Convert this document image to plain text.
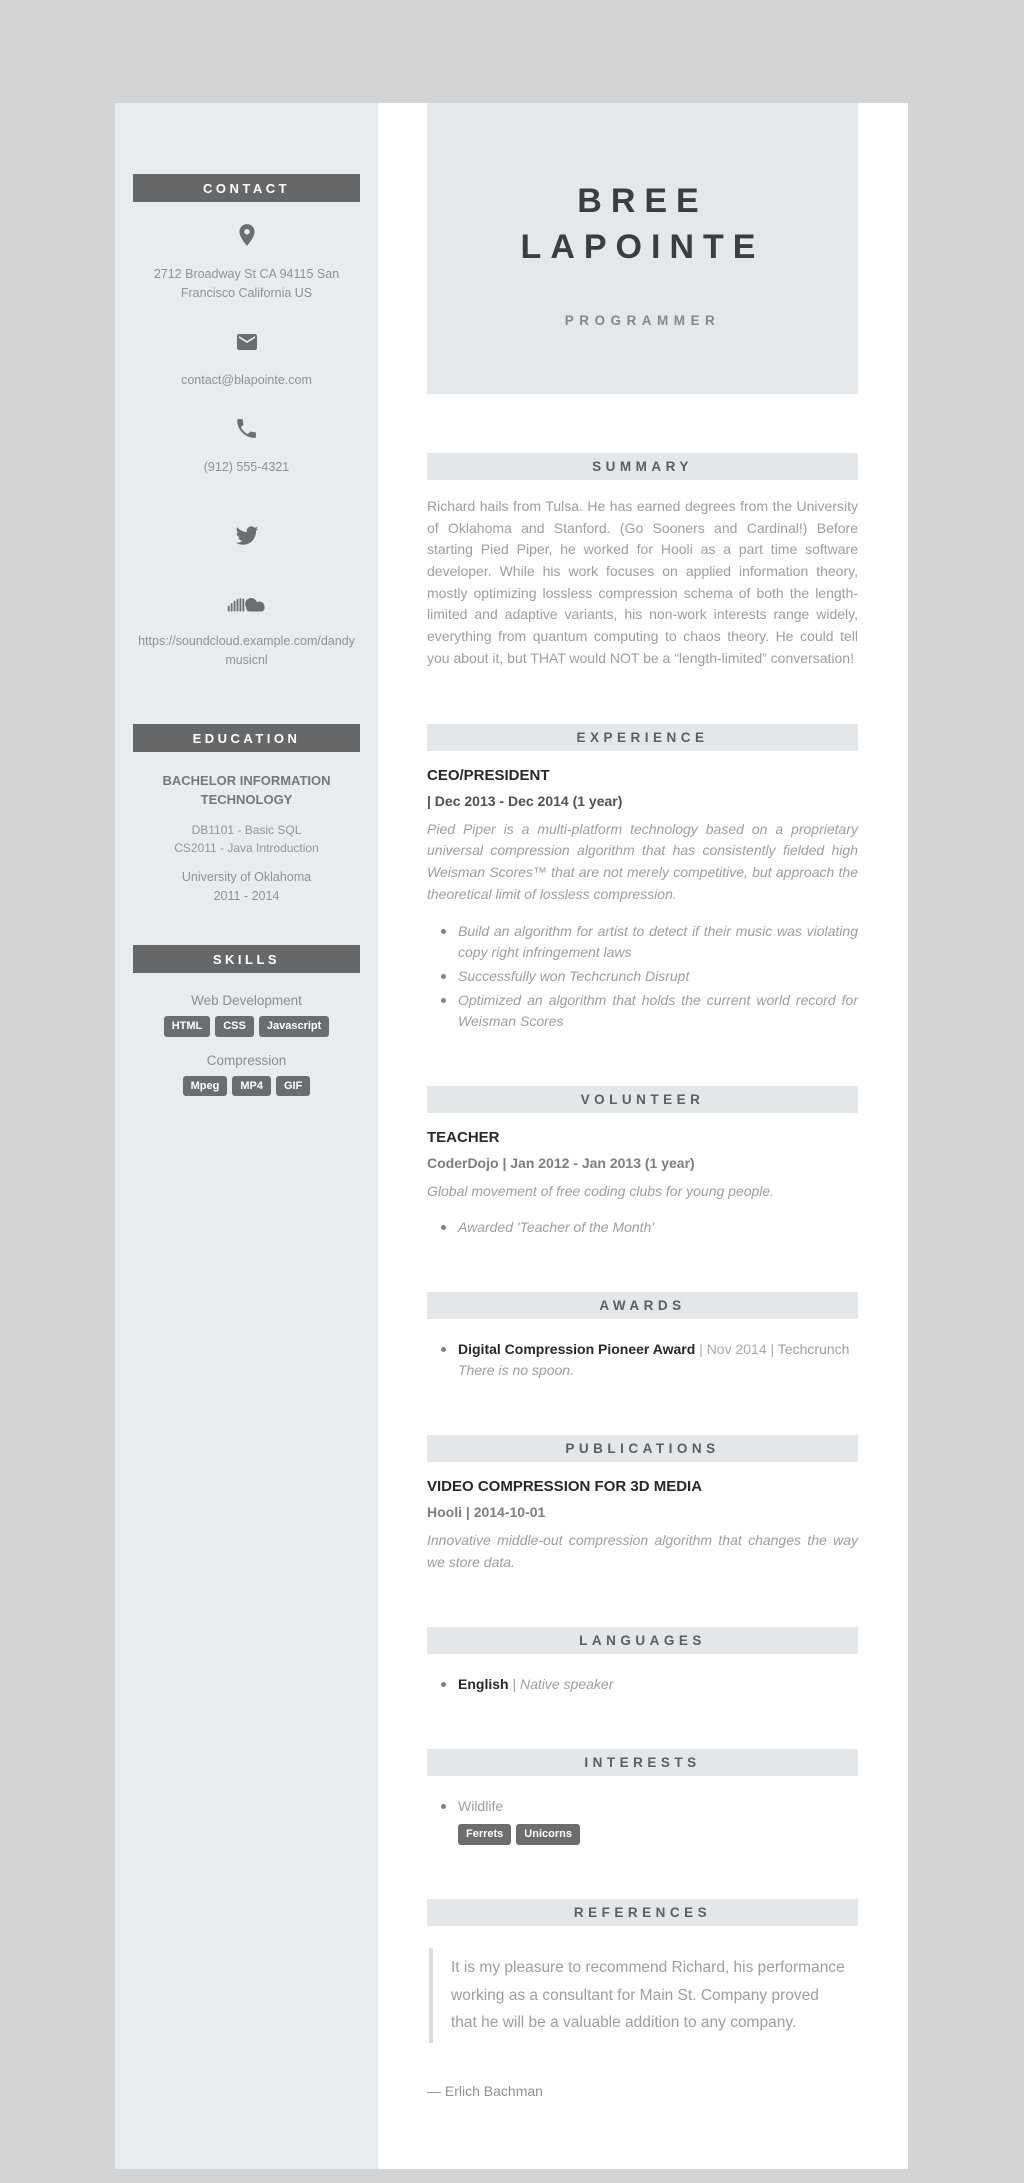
CONTACT
2712 Broadway St CA 94115 San Francisco California US
contact@blapointe.com
(912) 555-4321
https://soundcloud.example.com/dandymusicnl
EDUCATION
BACHELOR INFORMATION TECHNOLOGY
DB1101 - Basic SQL
CS2011 - Java Introduction
University of Oklahoma
2011 - 2014
SKILLS
Web Development
HTML	CSS	Javascript
Compression
Mpeg	MP4	GIF
BREE
LAPOINTE
PROGRAMMER
SUMMARY

Richard hails from Tulsa. He has earned degrees from the University of Oklahoma and Stanford. (Go Sooners and Cardinal!) Before starting Pied Piper, he worked for Hooli as a part time software developer. While his work focuses on applied information theory, mostly optimizing lossless compression schema of both the length-limited and adaptive variants, his non-work interests range widely, everything from quantum computing to chaos theory. He could tell you about it, but THAT would NOT be a “length-limited” conversation!

EXPERIENCE
CEO/PRESIDENT
| Dec 2013 - Dec 2014 (1 year)

Pied Piper is a multi-platform technology based on a proprietary universal compression algorithm that has consistently fielded high Weisman Scores™ that are not merely competitive, but approach the theoretical limit of lossless compression.

Build an algorithm for artist to detect if their music was violating copy right infringement laws
Successfully won Techcrunch Disrupt
Optimized an algorithm that holds the current world record for Weisman Scores
VOLUNTEER
TEACHER
CoderDojo | Jan 2012 - Jan 2013 (1 year)

Global movement of free coding clubs for young people.

Awarded 'Teacher of the Month'
AWARDS
Digital Compression Pioneer Award | Nov 2014 | Techcrunch
There is no spoon.
PUBLICATIONS
VIDEO COMPRESSION FOR 3D MEDIA
Hooli | 2014-10-01

Innovative middle-out compression algorithm that changes the way we store data.

LANGUAGES
English | Native speaker
INTERESTS
Wildlife
Ferrets	Unicorns
REFERENCES
It is my pleasure to recommend Richard, his performance working as a consultant for Main St. Company proved that he will be a valuable addition to any company.
— Erlich Bachman
